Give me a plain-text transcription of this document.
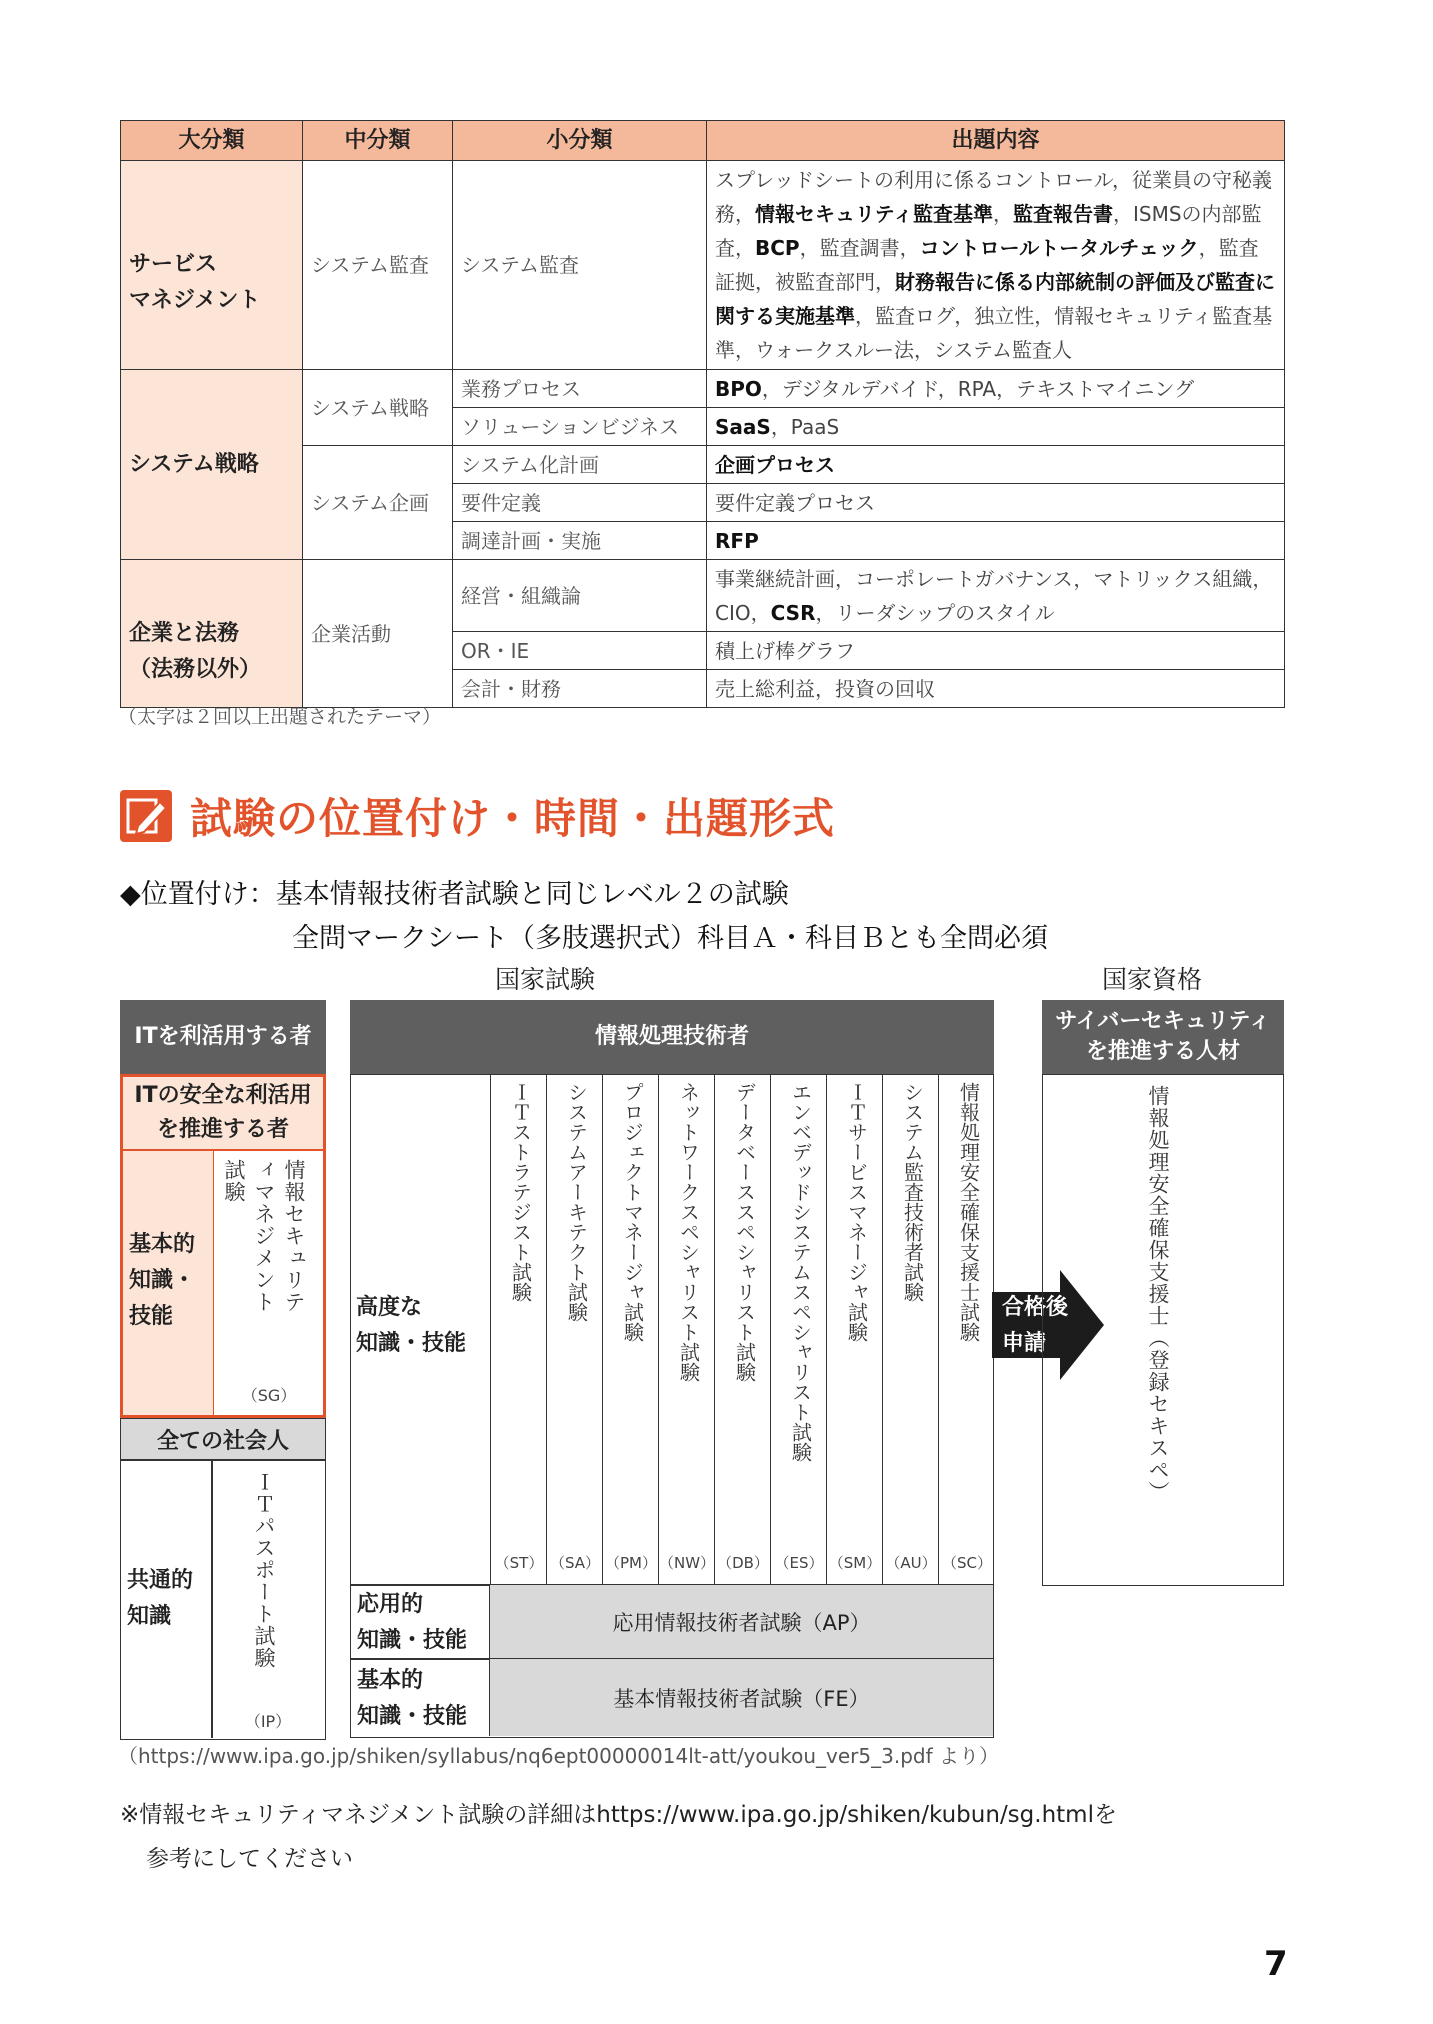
大分類	中分類	小分類	出題内容

サービス
マネジメント	システム監査	システム監査	スプレッドシートの利用に係るコントロール，従業員の守秘義務，情報セキュリティ監査基準，監査報告書，ISMSの内部監査，BCP，監査調書，コントロールトータルチェック，監査証拠，被監査部門，財務報告に係る内部統制の評価及び監査に関する実施基準，監査ログ，独立性，情報セキュリティ監査基準，ウォークスルー法，システム監査人
システム戦略	システム戦略	業務プロセス	BPO，デジタルデバイド，RPA，テキストマイニング
		ソリューションビジネス	SaaS，PaaS
	システム企画	システム化計画	企画プロセス
		要件定義	要件定義プロセス
		調達計画・実施	RFP

企業と法務
（法務以外）	企業活動	経営・組織論	事業継続計画，コーポレートガバナンス，マトリックス組織，CIO，CSR，リーダシップのスタイル
		OR・IE	積上げ棒グラフ
		会計・財務	売上総利益，投資の回収
（太字は２回以上出題されたテーマ）
試験の位置付け・時間・出題形式
◆位置付け：基本情報技術者試験と同じレベル２の試験
全問マークシート（多肢選択式）科目Ａ・科目Ｂとも全問必須
国家試験	国家資格
ITを利活用する者
ITの安全な利活用
を推進する者
基本的
知識・
技能
情報セキュリティマネジメント試験
（SG）
全ての社会人
共通的
知識	ＩＴパスポート試験
（IP）
情報処理技術者
高度な
知識・技能
ＩＴストラテジスト試験
（ST）
システムアーキテクト試験
（SA）
プロジェクトマネージャ試験
（PM）
ネットワークスペシャリスト試験
（NW）
データベーススペシャリスト試験
（DB）
エンベデッドシステムスペシャリスト試験
（ES）
ＩＴサービスマネージャ試験
（SM）
システム監査技術者試験
（AU）
情報処理安全確保支援士試験
（SC）
応用的
知識・技能
応用情報技術者試験（AP）
基本的
知識・技能
基本情報技術者試験（FE）
合格後
申請
サイバーセキュリティ
を推進する人材
情報処理安全確保支援士（登録セキスペ）
（https://www.ipa.go.jp/shiken/syllabus/nq6ept00000014lt-att/youkou_ver5_3.pdf より）
※情報セキュリティマネジメント試験の詳細はhttps://www.ipa.go.jp/shiken/kubun/sg.htmlを
参考にしてください
7
